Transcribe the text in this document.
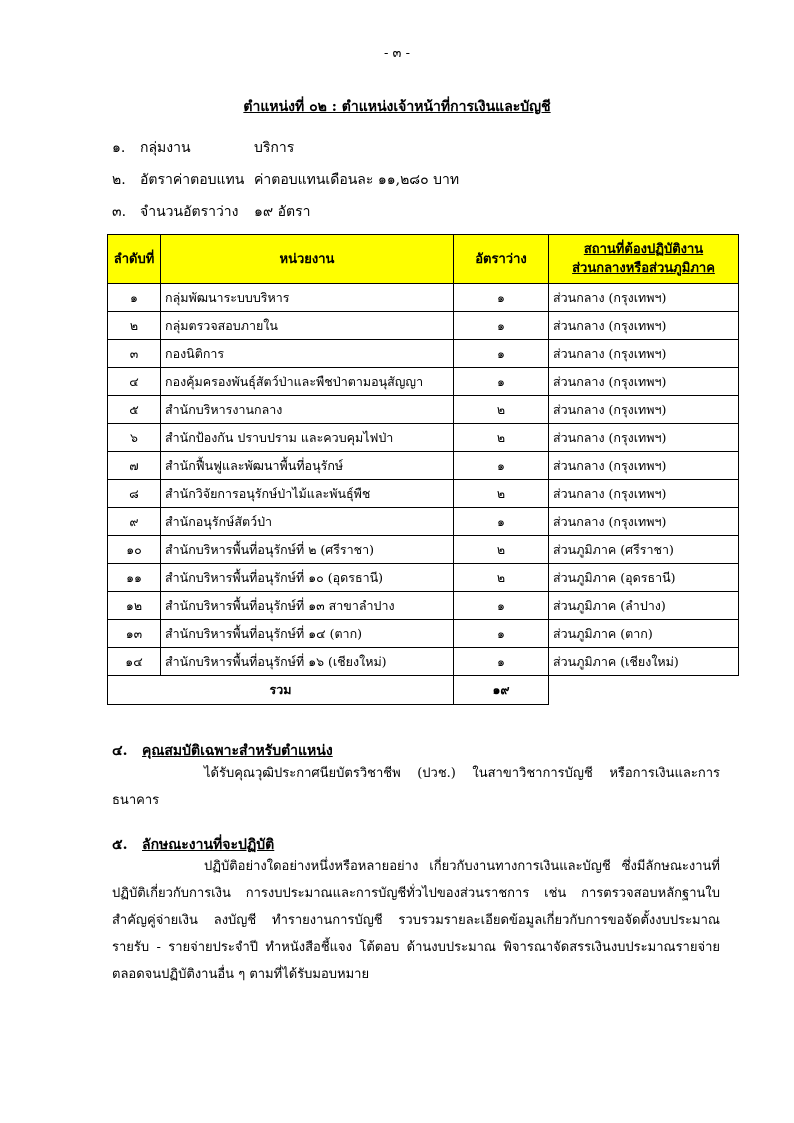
- ๓ -
ตำแหน่งที่ ๐๒ : ตำแหน่งเจ้าหน้าที่การเงินและบัญชี
๑. กลุ่มงาน	บริการ
๒. อัตราค่าตอบแทน ค่าตอบแทนเดือนละ ๑๑,๒๘๐ บาท
๓. จำนวนอัตราว่าง ๑๙ อัตรา
ลำดับที่	หน่วยงาน	อัตราว่าง	สถานที่ต้องปฏิบัติงาน
ส่วนกลางหรือส่วนภูมิภาค

๑	กลุ่มพัฒนาระบบบริหาร	๑	ส่วนกลาง (กรุงเทพฯ)
๒	กลุ่มตรวจสอบภายใน	๑	ส่วนกลาง (กรุงเทพฯ)
๓	กองนิติการ	๑	ส่วนกลาง (กรุงเทพฯ)
๔	กองคุ้มครองพันธุ์สัตว์ป่าและพืชป่าตามอนุสัญญา	๑	ส่วนกลาง (กรุงเทพฯ)
๕	สำนักบริหารงานกลาง	๒	ส่วนกลาง (กรุงเทพฯ)
๖	สำนักป้องกัน ปราบปราม และควบคุมไฟป่า	๒	ส่วนกลาง (กรุงเทพฯ)
๗	สำนักฟื้นฟูและพัฒนาพื้นที่อนุรักษ์	๑	ส่วนกลาง (กรุงเทพฯ)
๘	สำนักวิจัยการอนุรักษ์ป่าไม้และพันธุ์พืช	๒	ส่วนกลาง (กรุงเทพฯ)
๙	สำนักอนุรักษ์สัตว์ป่า	๑	ส่วนกลาง (กรุงเทพฯ)
๑๐	สำนักบริหารพื้นที่อนุรักษ์ที่ ๒ (ศรีราชา)	๒	ส่วนภูมิภาค (ศรีราชา)
๑๑	สำนักบริหารพื้นที่อนุรักษ์ที่ ๑๐ (อุดรธานี)	๒	ส่วนภูมิภาค (อุดรธานี)
๑๒	สำนักบริหารพื้นที่อนุรักษ์ที่ ๑๓ สาขาลำปาง	๑	ส่วนภูมิภาค (ลำปาง)
๑๓	สำนักบริหารพื้นที่อนุรักษ์ที่ ๑๔ (ตาก)	๑	ส่วนภูมิภาค (ตาก)
๑๔	สำนักบริหารพื้นที่อนุรักษ์ที่ ๑๖ (เชียงใหม่)	๑	ส่วนภูมิภาค (เชียงใหม่)
รวม		๑๙	
๔. คุณสมบัติเฉพาะสำหรับตำแหน่ง
ได้รับคุณวุฒิประกาศนียบัตรวิชาชีพ (ปวช.) ในสาขาวิชาการบัญชี หรือการเงินและการธนาคาร
๕. ลักษณะงานที่จะปฏิบัติ
ปฏิบัติอย่างใดอย่างหนึ่งหรือหลายอย่าง เกี่ยวกับงานทางการเงินและบัญชี ซึ่งมีลักษณะงานที่ปฏิบัติเกี่ยวกับการเงิน การงบประมาณและการบัญชีทั่วไปของส่วนราชการ เช่น การตรวจสอบหลักฐานใบสำคัญคู่จ่ายเงิน ลงบัญชี ทำรายงานการบัญชี รวบรวมรายละเอียดข้อมูลเกี่ยวกับการขอจัดตั้งงบประมาณรายรับ - รายจ่ายประจำปี ทำหนังสือชี้แจง โต้ตอบ ด้านงบประมาณ พิจารณาจัดสรรเงินงบประมาณรายจ่าย ตลอดจนปฏิบัติงานอื่น ๆ ตามที่ได้รับมอบหมาย
